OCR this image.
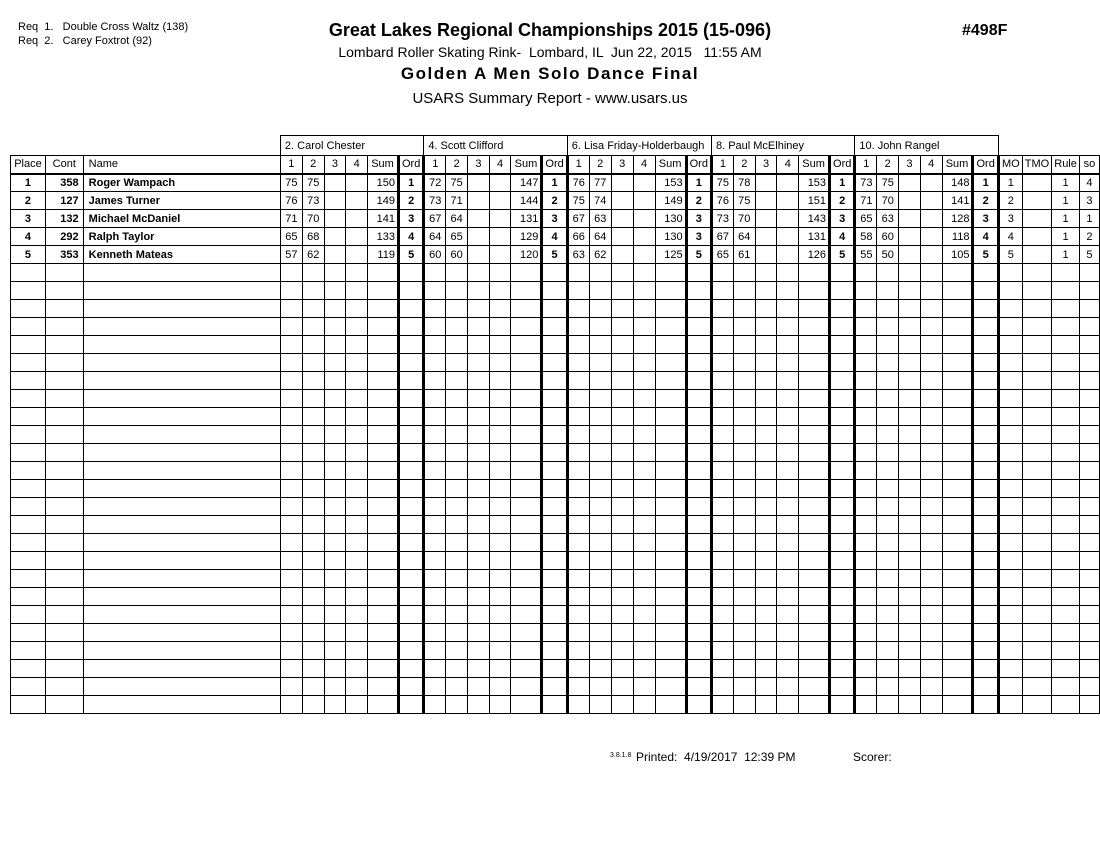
Req  1.   Double Cross Waltz (138)
Req  2.   Carey Foxtrot (92)
Great Lakes Regional Championships 2015 (15-096)	#498F
Lombard Roller Skating Rink-  Lombard, IL  Jun 22, 2015   11:55 AM
Golden A Men Solo Dance Final
USARS Summary Report - www.usars.us
			2. Carol Chester						4. Scott Clifford						6. Lisa Friday-Holderbaugh						8. Paul McElhiney						10. John Rangel									
Place	Cont	Name	1	2	3	4	Sum	Ord	1	2	3	4	Sum	Ord	1	2	3	4	Sum	Ord	1	2	3	4	Sum	Ord	1	2	3	4	Sum	Ord	MO	TMO	Rule	so
1	358	Roger Wampach	75	75			150	1	72	75			147	1	76	77			153	1	75	78			153	1	73	75			148	1	1		1	4
2	127	James Turner	76	73			149	2	73	71			144	2	75	74			149	2	76	75			151	2	71	70			141	2	2		1	3
3	132	Michael McDaniel	71	70			141	3	67	64			131	3	67	63			130	3	73	70			143	3	65	63			128	3	3		1	1
4	292	Ralph Taylor	65	68			133	4	64	65			129	4	66	64			130	3	67	64			131	4	58	60			118	4	4		1	2
5	353	Kenneth Mateas	57	62			119	5	60	60			120	5	63	62			125	5	65	61			126	5	55	50			105	5	5		1	5

3.8.1.8 Printed: 4/19/2017  12:39 PM	Scorer:
